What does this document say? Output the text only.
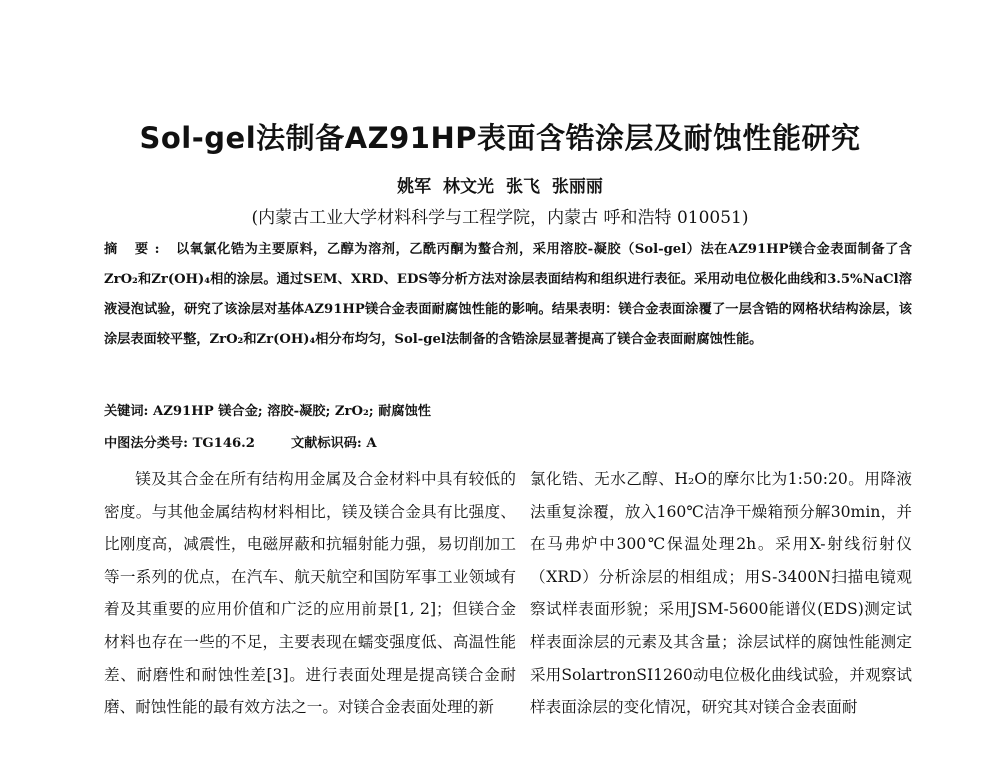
Sol-gel法制备AZ91HP表面含锆涂层及耐蚀性能研究

姚军 林文光 张飞 张丽丽

(内蒙古工业大学材料科学与工程学院，内蒙古 呼和浩特 010051)

摘 要: 以氧氯化锆为主要原料，乙醇为溶剂，乙酰丙酮为螯合剂，采用溶胶-凝胶（Sol-gel）法在AZ91HP镁合金表面制备了含ZrO₂和Zr(OH)₄相的涂层。通过SEM、XRD、EDS等分析方法对涂层表面结构和组织进行表征。采用动电位极化曲线和3.5%NaCl溶液浸泡试验，研究了该涂层对基体AZ91HP镁合金表面耐腐蚀性能的影响。结果表明：镁合金表面涂覆了一层含锆的网格状结构涂层，该涂层表面较平整，ZrO₂和Zr(OH)₄相分布均匀，Sol-gel法制备的含锆涂层显著提高了镁合金表面耐腐蚀性能。

关键词: AZ91HP 镁合金; 溶胶-凝胶; ZrO₂; 耐腐蚀性

中图法分类号: TG146.2	文献标识码: A

镁及其合金在所有结构用金属及合金材料中具有较低的密度。与其他金属结构材料相比，镁及镁合金具有比强度、比刚度高，减震性，电磁屏蔽和抗辐射能力强，易切削加工等一系列的优点，在汽车、航天航空和国防军事工业领域有着及其重要的应用价值和广泛的应用前景[1, 2]；但镁合金材料也存在一些的不足，主要表现在蠕变强度低、高温性能差、耐磨性和耐蚀性差[3]。进行表面处理是提高镁合金耐磨、耐蚀性能的最有效方法之一。对镁合金表面处理的新

氯化锆、无水乙醇、H₂O的摩尔比为1:50:20。用降液法重复涂覆，放入160℃洁净干燥箱预分解30min，并在马弗炉中300℃保温处理2h。采用X-射线衍射仪（XRD）分析涂层的相组成；用S-3400N扫描电镜观察试样表面形貌；采用JSM-5600能谱仪(EDS)测定试样表面涂层的元素及其含量；涂层试样的腐蚀性能测定采用SolartronSI1260动电位极化曲线试验，并观察试样表面涂层的变化情况，研究其对镁合金表面耐
